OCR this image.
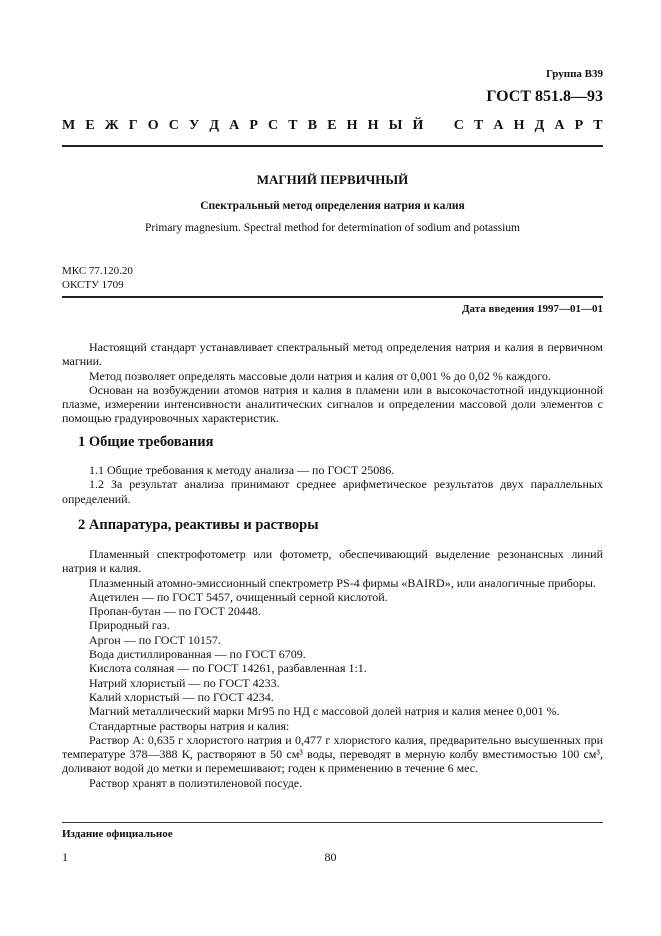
Группа В39
ГОСТ 851.8—93
М Е Ж Г О С У Д А Р С Т В Е Н Н Ы Й С Т А Н Д А Р Т
МАГНИЙ ПЕРВИЧНЫЙ
Спектральный метод определения натрия и калия
Primary magnesium. Spectral method for determination of sodium and potassium
МКС 77.120.20
ОКСТУ 1709
Дата введения 1997—01—01

Настоящий стандарт устанавливает спектральный метод определения натрия и калия в первичном магнии.

Метод позволяет определять массовые доли натрия и калия от 0,001 % до 0,02 % каждого.

Основан на возбуждении атомов натрия и калия в пламени или в высокочастотной индукционной плазме, измерении интенсивности аналитических сигналов и определении массовой доли элементов с помощью градуировочных характеристик.

1 Общие требования

1.1 Общие требования к методу анализа — по ГОСТ 25086.

1.2 За результат анализа принимают среднее арифметическое результатов двух параллельных определений.

2 Аппаратура, реактивы и растворы

Пламенный спектрофотометр или фотометр, обеспечивающий выделение резонансных линий натрия и калия.

Плазменный атомно-эмиссионный спектрометр PS-4 фирмы «BAIRD», или аналогичные приборы.

Ацетилен — по ГОСТ 5457, очищенный серной кислотой.

Пропан-бутан — по ГОСТ 20448.

Природный газ.

Аргон — по ГОСТ 10157.

Вода дистиллированная — по ГОСТ 6709.

Кислота соляная — по ГОСТ 14261, разбавленная 1:1.

Натрий хлористый — по ГОСТ 4233.

Калий хлористый — по ГОСТ 4234.

Магний металлический марки Мг95 по НД с массовой долей натрия и калия менее 0,001 %.

Стандартные растворы натрия и калия:

Раствор А: 0,635 г хлористого натрия и 0,477 г хлористого калия, предварительно высушенных при температуре 378—388 К, растворяют в 50 см³ воды, переводят в мерную колбу вместимостью 100 см³, доливают водой до метки и перемешивают; годен к применению в течение 6 мес.

Раствор хранят в полиэтиленовой посуде.

Издание официальное
1	80
